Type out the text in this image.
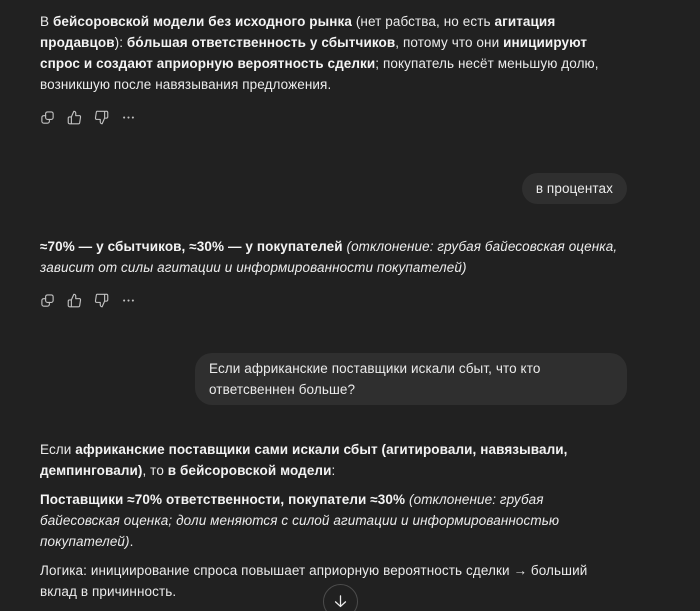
В бейсоровской модели без исходного рынка (нет рабства, но есть агитация продавцов): бо́льшая ответственность у сбытчиков, потому что они инициируют спрос и создают априорную вероятность сделки; покупатель несёт меньшую долю, возникшую после навязывания предложения.

в процентах

≈70% — у сбытчиков, ≈30% — у покупателей (отклонение: грубая байесовская оценка, зависит от силы агитации и информированности покупателей)

Если африканские поставщики искали сбыт, что кто ответсвеннен больше?

Если африканские поставщики сами искали сбыт (агитировали, навязывали, демпинговали), то в бейсоровской модели:

Поставщики ≈70% ответственности, покупатели ≈30% (отклонение: грубая байесовская оценка; доли меняются с силой агитации и информированностью покупателей).

Логика: инициирование спроса повышает априорную вероятность сделки → больший вклад в причинность.
